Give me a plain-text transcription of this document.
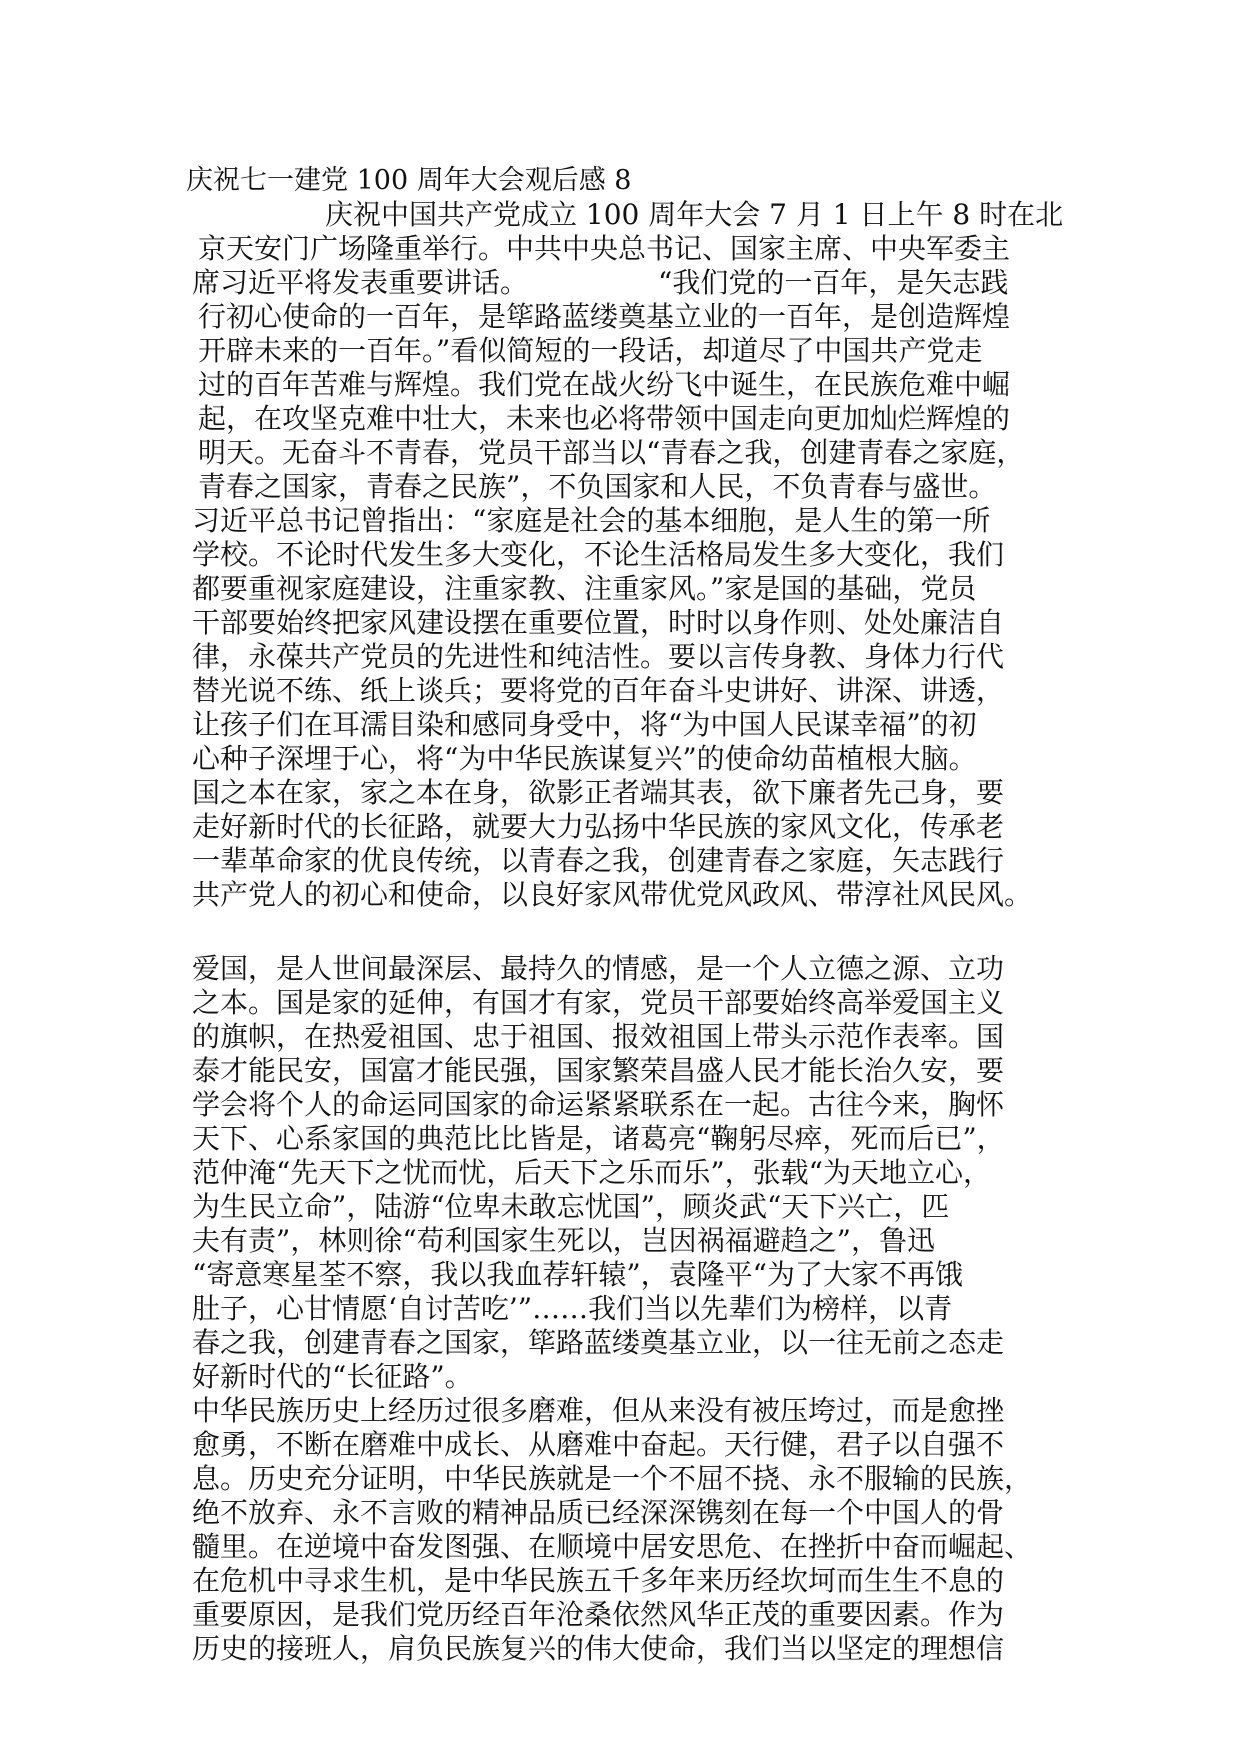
庆祝七一建党 100 周年大会观后感 8
庆祝中国共产党成立 100 周年大会 7 月 1 日上午 8 时在北
京天安门广场隆重举行。中共中央总书记、国家主席、中央军委主
席习近平将发表重要讲话。	“我们党的一百年，是矢志践
行初心使命的一百年，是筚路蓝缕奠基立业的一百年，是创造辉煌
开辟未来的一百年。”看似简短的一段话，却道尽了中国共产党走
过的百年苦难与辉煌。我们党在战火纷飞中诞生，在民族危难中崛
起，在攻坚克难中壮大，未来也必将带领中国走向更加灿烂辉煌的
明天。无奋斗不青春，党员干部当以“青春之我，创建青春之家庭，
青春之国家，青春之民族”，不负国家和人民，不负青春与盛世。
习近平总书记曾指出：“家庭是社会的基本细胞，是人生的第一所
学校。不论时代发生多大变化，不论生活格局发生多大变化，我们
都要重视家庭建设，注重家教、注重家风。”家是国的基础，党员
干部要始终把家风建设摆在重要位置，时时以身作则、处处廉洁自
律，永葆共产党员的先进性和纯洁性。要以言传身教、身体力行代
替光说不练、纸上谈兵；要将党的百年奋斗史讲好、讲深、讲透，
让孩子们在耳濡目染和感同身受中，将“为中国人民谋幸福”的初
心种子深埋于心，将“为中华民族谋复兴”的使命幼苗植根大脑。
国之本在家，家之本在身，欲影正者端其表，欲下廉者先己身，要
走好新时代的长征路，就要大力弘扬中华民族的家风文化，传承老
一辈革命家的优良传统，以青春之我，创建青春之家庭，矢志践行
共产党人的初心和使命，以良好家风带优党风政风、带淳社风民风。
爱国，是人世间最深层、最持久的情感，是一个人立德之源、立功
之本。国是家的延伸，有国才有家，党员干部要始终高举爱国主义
的旗帜，在热爱祖国、忠于祖国、报效祖国上带头示范作表率。国
泰才能民安，国富才能民强，国家繁荣昌盛人民才能长治久安，要
学会将个人的命运同国家的命运紧紧联系在一起。古往今来，胸怀
天下、心系家国的典范比比皆是，诸葛亮“鞠躬尽瘁，死而后已”，
范仲淹“先天下之忧而忧，后天下之乐而乐”，张载“为天地立心，
为生民立命”，陆游“位卑未敢忘忧国”，顾炎武“天下兴亡，匹
夫有责”，林则徐“苟利国家生死以，岂因祸福避趋之”，鲁迅
“寄意寒星荃不察，我以我血荐轩辕”，袁隆平“为了大家不再饿
肚子，心甘情愿‘自讨苦吃’”……我们当以先辈们为榜样，以青
春之我，创建青春之国家，筚路蓝缕奠基立业，以一往无前之态走
好新时代的“长征路”。
中华民族历史上经历过很多磨难，但从来没有被压垮过，而是愈挫
愈勇，不断在磨难中成长、从磨难中奋起。天行健，君子以自强不
息。历史充分证明，中华民族就是一个不屈不挠、永不服输的民族，
绝不放弃、永不言败的精神品质已经深深镌刻在每一个中国人的骨
髓里。在逆境中奋发图强、在顺境中居安思危、在挫折中奋而崛起、
在危机中寻求生机，是中华民族五千多年来历经坎坷而生生不息的
重要原因，是我们党历经百年沧桑依然风华正茂的重要因素。作为
历史的接班人，肩负民族复兴的伟大使命，我们当以坚定的理想信
